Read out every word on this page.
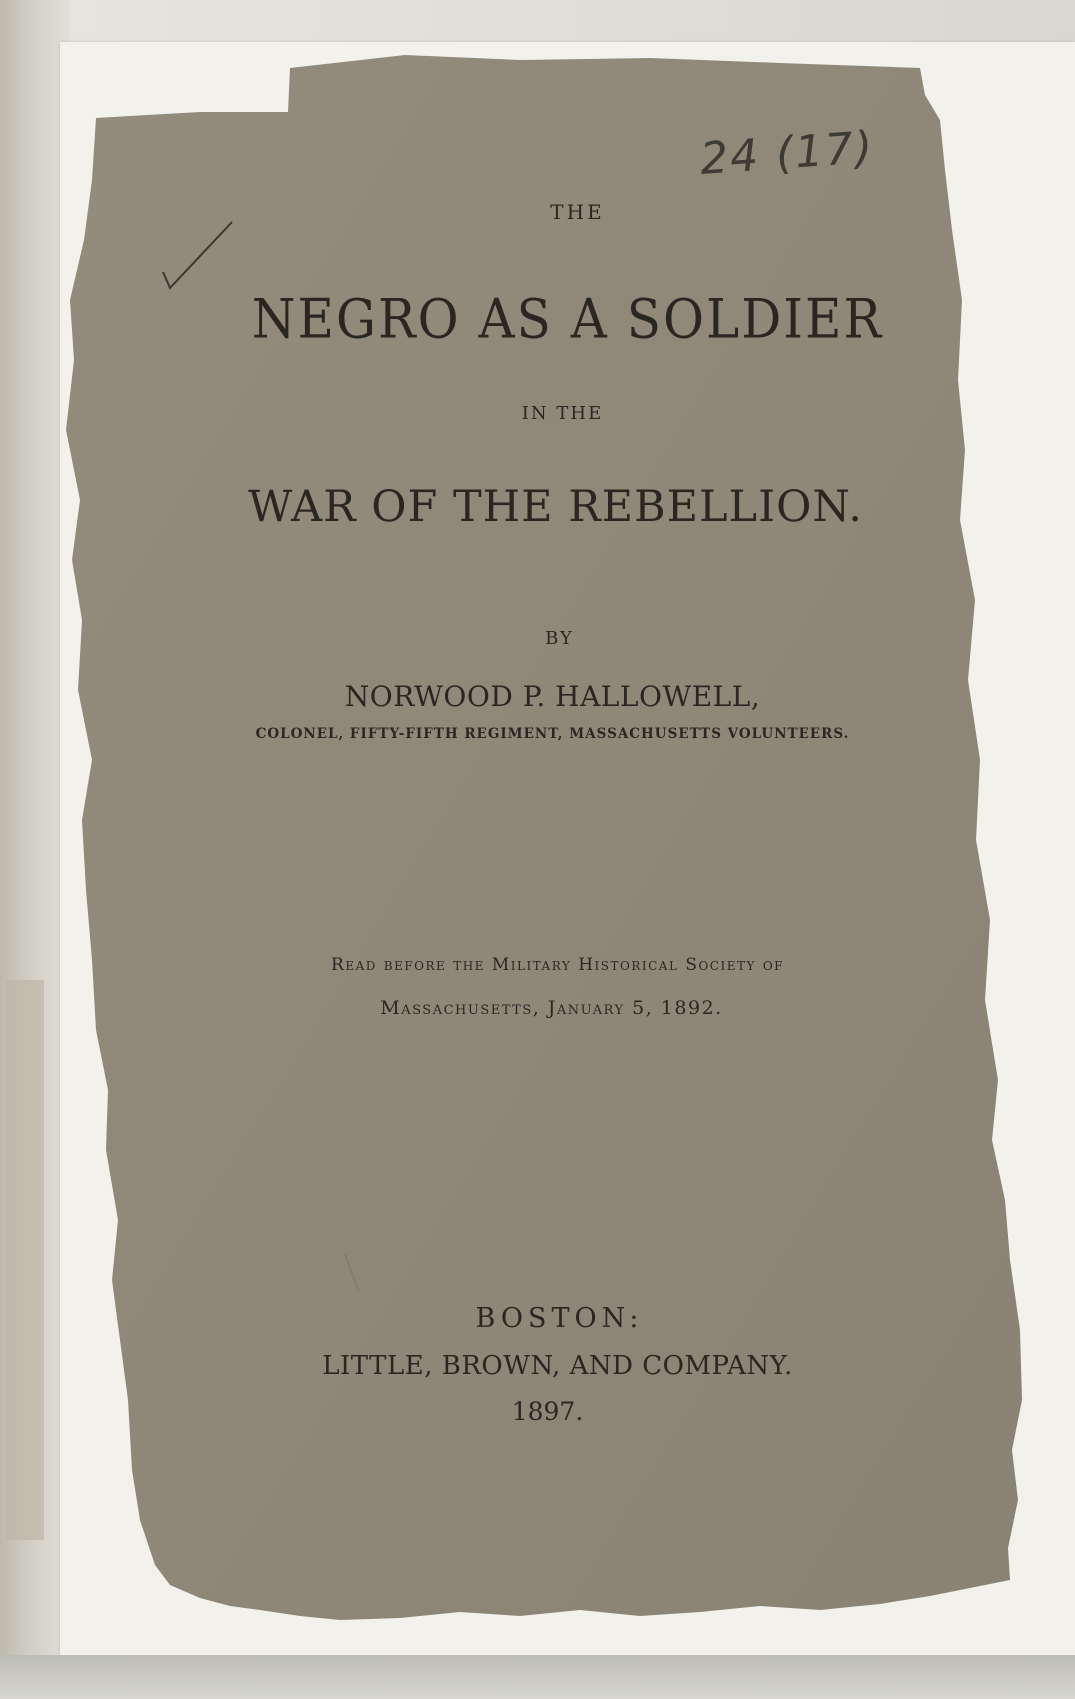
24 (17)
THE
NEGRO AS A SOLDIER
IN THE
WAR OF THE REBELLION.
BY
NORWOOD P. HALLOWELL,
COLONEL, FIFTY-FIFTH REGIMENT, MASSACHUSETTS VOLUNTEERS.
Read before the Military Historical Society of
Massachusetts, January 5, 1892.
BOSTON:
LITTLE, BROWN, AND COMPANY.
1897.
